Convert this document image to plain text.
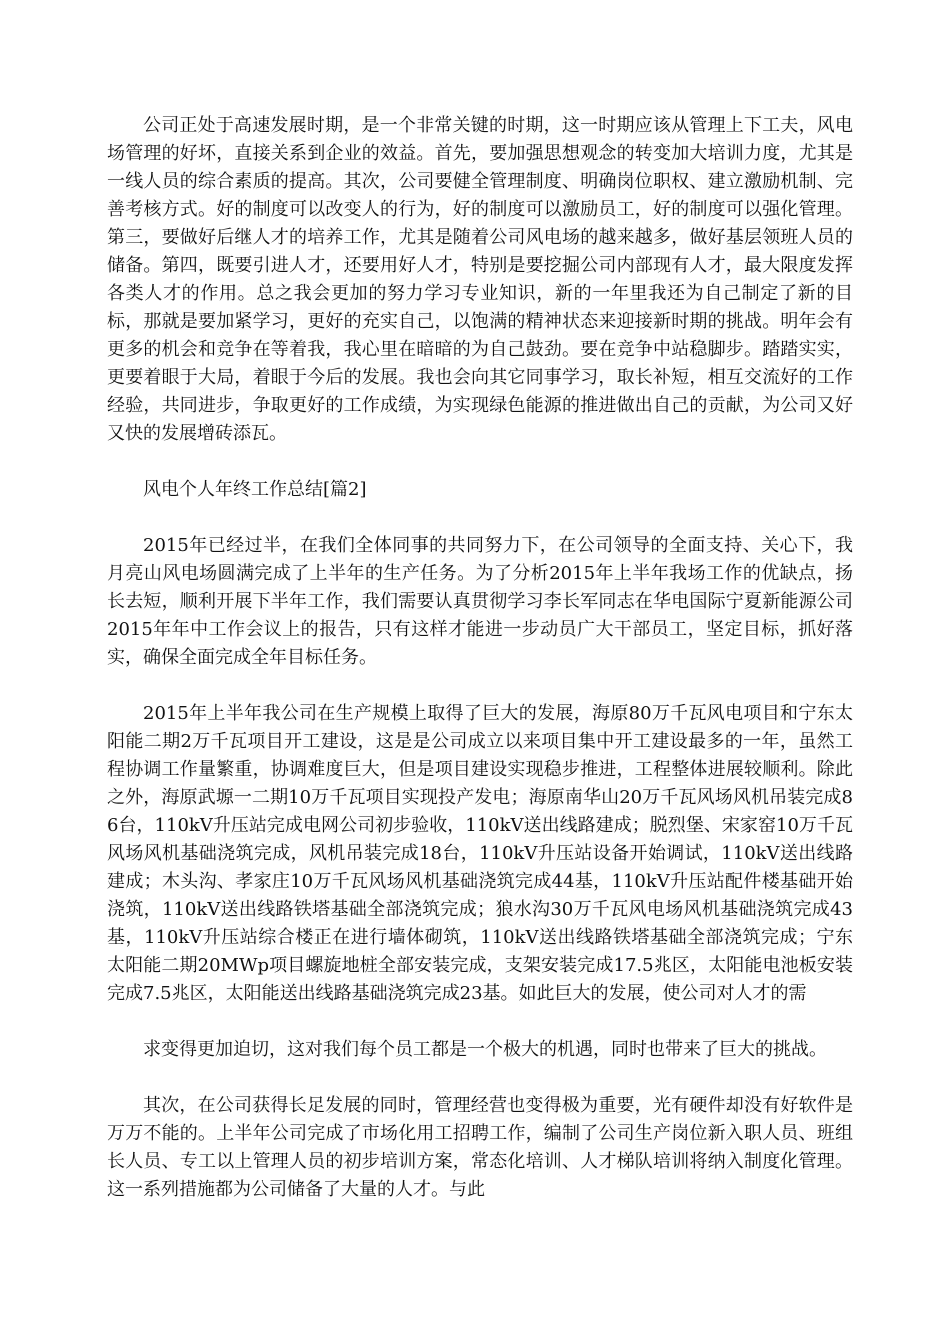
公司正处于高速发展时期，是一个非常关键的时期，这一时期应该从管理上下工夫，风电场管理的好坏，直接关系到企业的效益。首先，要加强思想观念的转变加大培训力度，尤其是一线人员的综合素质的提高。其次，公司要健全管理制度、明确岗位职权、建立激励机制、完善考核方式。好的制度可以改变人的行为，好的制度可以激励员工，好的制度可以强化管理。第三，要做好后继人才的培养工作，尤其是随着公司风电场的越来越多，做好基层领班人员的储备。第四，既要引进人才，还要用好人才，特别是要挖掘公司内部现有人才，最大限度发挥各类人才的作用。总之我会更加的努力学习专业知识，新的一年里我还为自己制定了新的目标，那就是要加紧学习，更好的充实自己，以饱满的精神状态来迎接新时期的挑战。明年会有更多的机会和竞争在等着我，我心里在暗暗的为自己鼓劲。要在竞争中站稳脚步。踏踏实实，更要着眼于大局，着眼于今后的发展。我也会向其它同事学习，取长补短，相互交流好的工作经验，共同进步，争取更好的工作成绩，为实现绿色能源的推进做出自己的贡献，为公司又好又快的发展增砖添瓦。

风电个人年终工作总结[篇2]

2015年已经过半，在我们全体同事的共同努力下，在公司领导的全面支持、关心下，我月亮山风电场圆满完成了上半年的生产任务。为了分析2015年上半年我场工作的优缺点，扬长去短，顺利开展下半年工作，我们需要认真贯彻学习李长军同志在华电国际宁夏新能源公司2015年年中工作会议上的报告，只有这样才能进一步动员广大干部员工，坚定目标，抓好落实，确保全面完成全年目标任务。

2015年上半年我公司在生产规模上取得了巨大的发展，海原80万千瓦风电项目和宁东太阳能二期2万千瓦项目开工建设，这是是公司成立以来项目集中开工建设最多的一年，虽然工程协调工作量繁重，协调难度巨大，但是项目建设实现稳步推进，工程整体进展较顺利。除此之外，海原武塬一二期10万千瓦项目实现投产发电；海原南华山20万千瓦风场风机吊装完成86台，110kV升压站完成电网公司初步验收，110kV送出线路建成；脱烈堡、宋家窑10万千瓦风场风机基础浇筑完成，风机吊装完成18台，110kV升压站设备开始调试，110kV送出线路建成；木头沟、孝家庄10万千瓦风场风机基础浇筑完成44基，110kV升压站配件楼基础开始浇筑，110kV送出线路铁塔基础全部浇筑完成；狼水沟30万千瓦风电场风机基础浇筑完成43基，110kV升压站综合楼正在进行墙体砌筑，110kV送出线路铁塔基础全部浇筑完成；宁东太阳能二期20MWp项目螺旋地桩全部安装完成，支架安装完成17.5兆区，太阳能电池板安装完成7.5兆区，太阳能送出线路基础浇筑完成23基。如此巨大的发展，使公司对人才的需

求变得更加迫切，这对我们每个员工都是一个极大的机遇，同时也带来了巨大的挑战。

其次，在公司获得长足发展的同时，管理经营也变得极为重要，光有硬件却没有好软件是万万不能的。上半年公司完成了市场化用工招聘工作，编制了公司生产岗位新入职人员、班组长人员、专工以上管理人员的初步培训方案，常态化培训、人才梯队培训将纳入制度化管理。这一系列措施都为公司储备了大量的人才。与此
